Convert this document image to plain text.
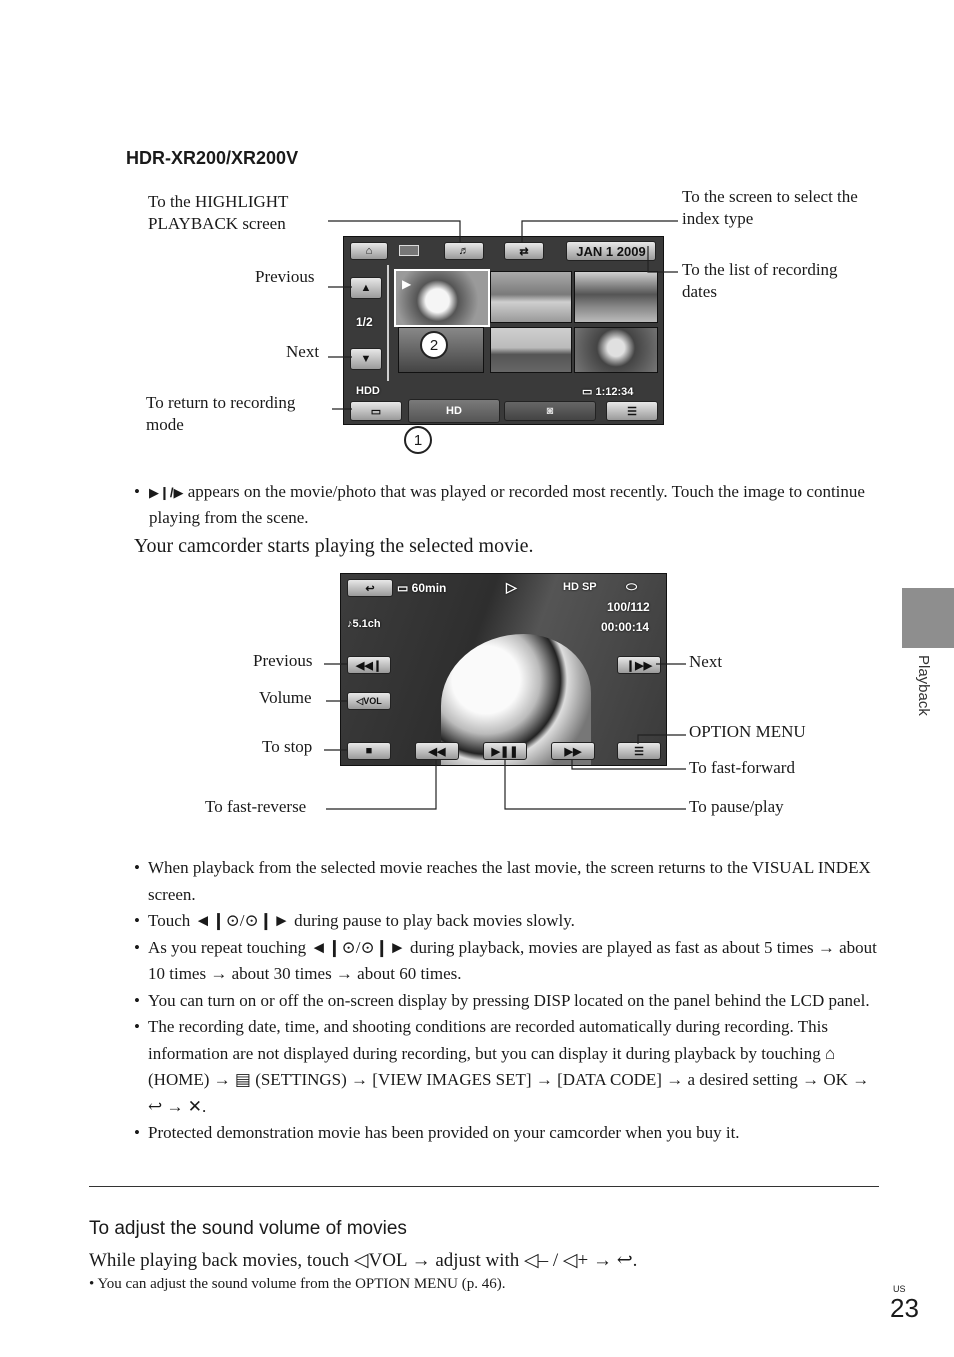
HDR-XR200/XR200V
To the HIGHLIGHT PLAYBACK screen
Previous
Next
To return to recording mode
To the screen to select the index type
To the list of recording dates
⌂	♬	⇄	JAN 1 2009
▲
1/2
▼
▶
HDD	▭ 1:12:34
▭	HD	◙	☰
2
1
• ▶❙/▶ appears on the movie/photo that was played or recorded most recently. Touch the image to continue playing from the scene.
Your camcorder starts playing the selected movie.
↩ ▭ 60min	▷	HD SP ⬭
♪5.1ch
100/112
00:00:14
◀◀❙	❙▶▶
◁ VOL
■	◀◀	▶❚❚	▶▶	☰
Previous
Volume
To stop
To fast-reverse
Next
OPTION MENU
To fast-forward
To pause/play
• When playback from the selected movie reaches the last movie, the screen returns to the VISUAL INDEX screen.
• Touch ◄❙⊙/⊙❙► during pause to play back movies slowly.
• As you repeat touching ◄❙⊙/⊙❙► during playback, movies are played as fast as about 5 times → about 10 times → about 30 times → about 60 times.
• You can turn on or off the on-screen display by pressing DISP located on the panel behind the LCD panel.
• The recording date, time, and shooting conditions are recorded automatically during recording. This information are not displayed during recording, but you can display it during playback by touching ⌂ (HOME) → ▤ (SETTINGS) → [VIEW IMAGES SET] → [DATA CODE] → a desired setting → OK → ↩ → ✕.
• Protected demonstration movie has been provided on your camcorder when you buy it.
To adjust the sound volume of movies
While playing back movies, touch ◁VOL → adjust with ◁– / ◁+ → ↩.
• You can adjust the sound volume from the OPTION MENU (p. 46).
Playback
US
23
